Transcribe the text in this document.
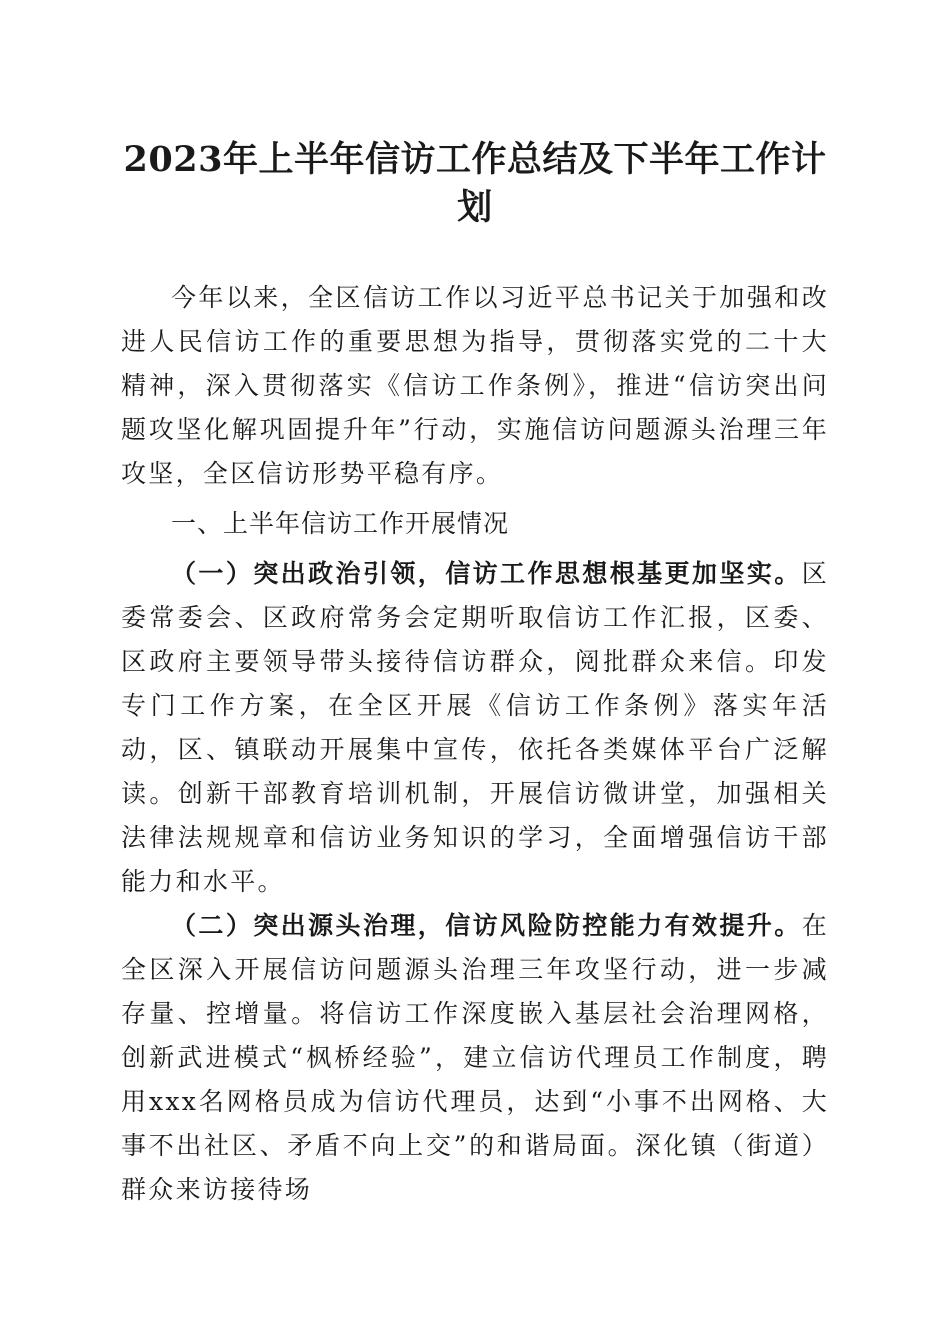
2023年上半年信访工作总结及下半年工作计划

今年以来，全区信访工作以习近平总书记关于加强和改进人民信访工作的重要思想为指导，贯彻落实党的二十大精神，深入贯彻落实《信访工作条例》，推进“信访突出问题攻坚化解巩固提升年”行动，实施信访问题源头治理三年攻坚，全区信访形势平稳有序。

一、上半年信访工作开展情况

（一）突出政治引领，信访工作思想根基更加坚实。区委常委会、区政府常务会定期听取信访工作汇报，区委、区政府主要领导带头接待信访群众，阅批群众来信。印发专门工作方案，在全区开展《信访工作条例》落实年活动，区、镇联动开展集中宣传，依托各类媒体平台广泛解读。创新干部教育培训机制，开展信访微讲堂，加强相关法律法规规章和信访业务知识的学习，全面增强信访干部能力和水平。

（二）突出源头治理，信访风险防控能力有效提升。在全区深入开展信访问题源头治理三年攻坚行动，进一步减存量、控增量。将信访工作深度嵌入基层社会治理网格，创新武进模式“枫桥经验”，建立信访代理员工作制度，聘用xxx名网格员成为信访代理员，达到“小事不出网格、大事不出社区、矛盾不向上交”的和谐局面。深化镇（街道）群众来访接待场
